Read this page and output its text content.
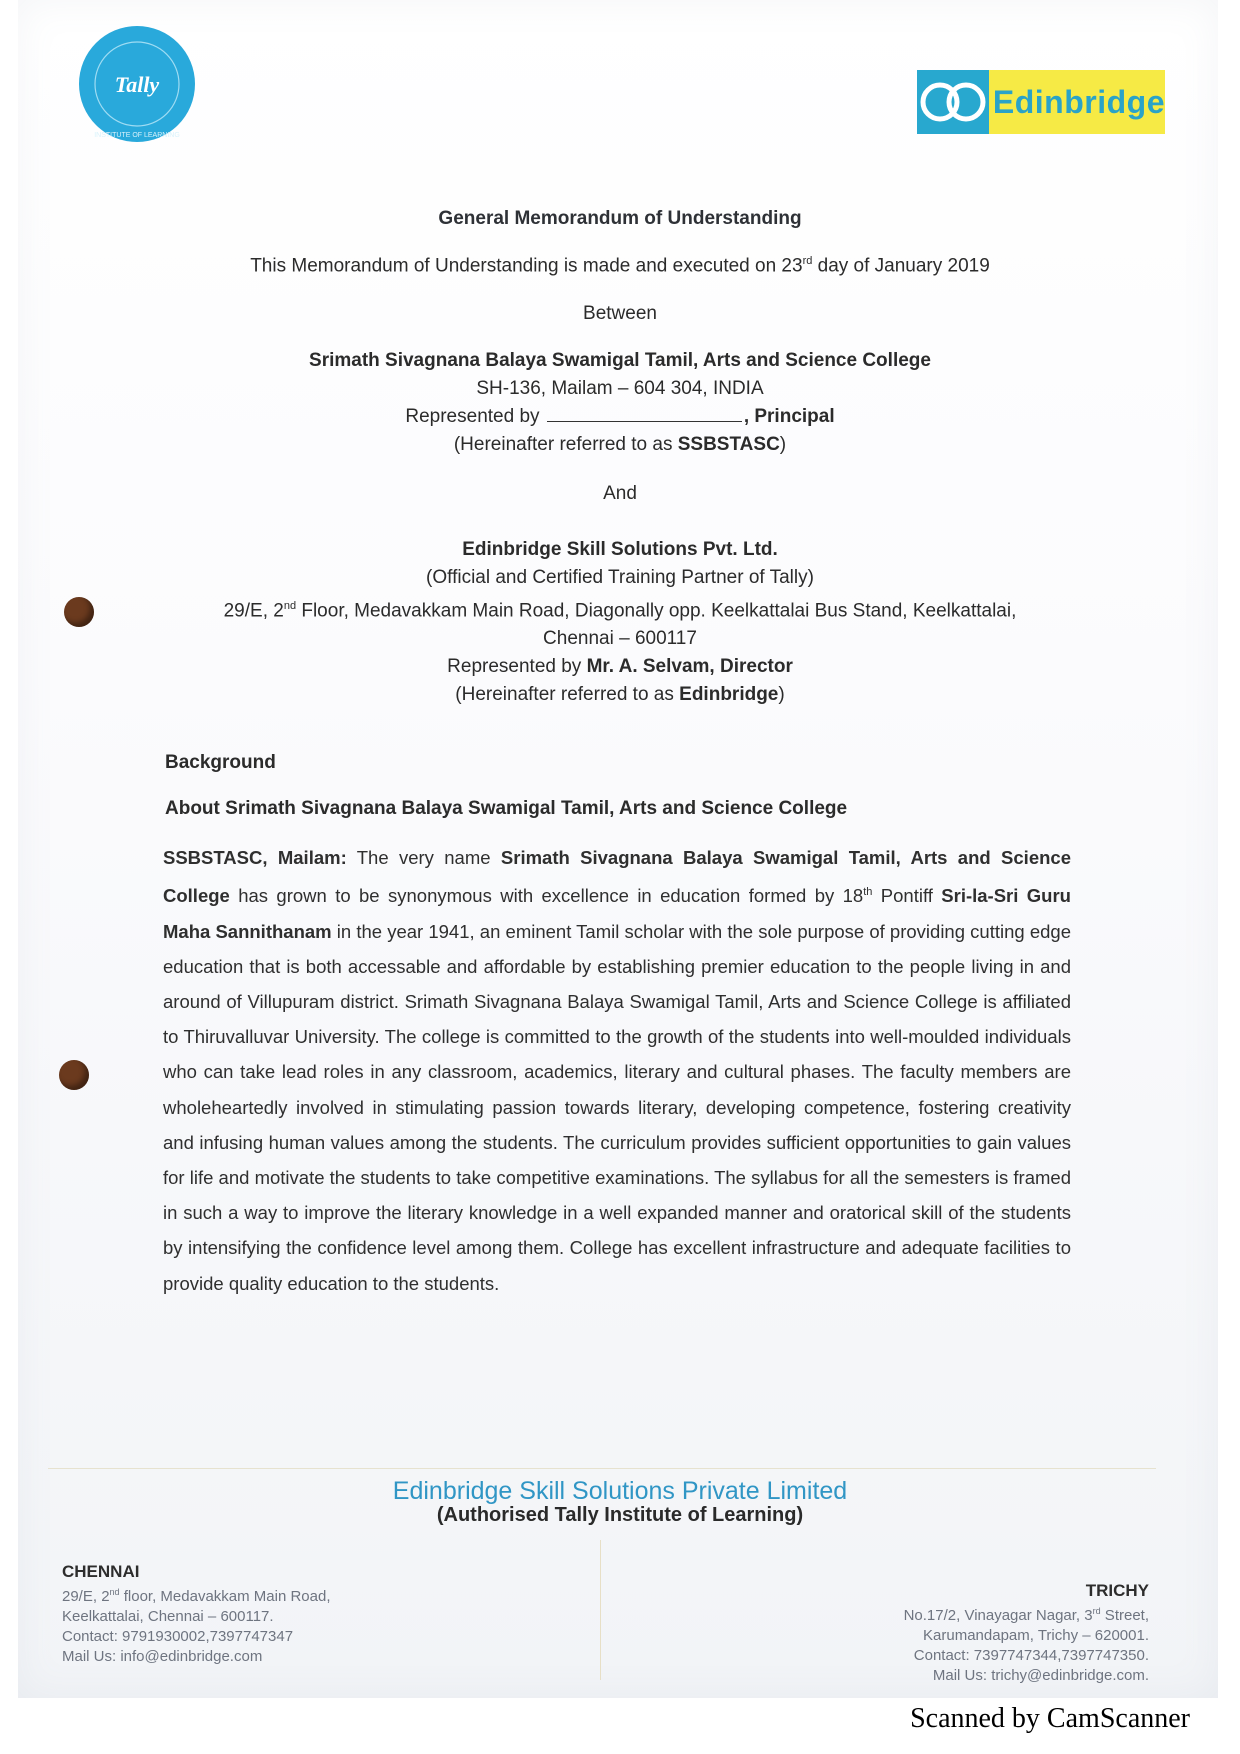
INSTITUTE OF LEARNING
Tally	Edinbridge
General Memorandum of Understanding
This Memorandum of Understanding is made and executed on 23rd day of January 2019
Between

Srimath Sivagnana Balaya Swamigal Tamil, Arts and Science College

SH-136, Mailam – 604 304, INDIA

Represented by	, Principal

(Hereinafter referred to as SSBSTASC)

And

Edinbridge Skill Solutions Pvt. Ltd.

(Official and Certified Training Partner of Tally)

29/E, 2nd Floor, Medavakkam Main Road, Diagonally opp. Keelkattalai Bus Stand, Keelkattalai,

Chennai – 600117

Represented by Mr. A. Selvam, Director

(Hereinafter referred to as Edinbridge)

Background
About Srimath Sivagnana Balaya Swamigal Tamil, Arts and Science College
SSBSTASC, Mailam: The very name Srimath Sivagnana Balaya Swamigal Tamil, Arts and Science College has grown to be synonymous with excellence in education formed by 18th Pontiff Sri-la-Sri Guru Maha Sannithanam in the year 1941, an eminent Tamil scholar with the sole purpose of providing cutting edge education that is both accessable and affordable by establishing premier education to the people living in and around of Villupuram district. Srimath Sivagnana Balaya Swamigal Tamil, Arts and Science College is affiliated to Thiruvalluvar University. The college is committed to the growth of the students into well-moulded individuals who can take lead roles in any classroom, academics, literary and cultural phases. The faculty members are wholeheartedly involved in stimulating passion towards literary, developing competence, fostering creativity and infusing human values among the students. The curriculum provides sufficient opportunities to gain values for life and motivate the students to take competitive examinations. The syllabus for all the semesters is framed in such a way to improve the literary knowledge in a well expanded manner and oratorical skill of the students by intensifying the confidence level among them. College has excellent infrastructure and adequate facilities to provide quality education to the students.
Edinbridge Skill Solutions Private Limited
(Authorised Tally Institute of Learning)
CHENNAI
29/E, 2nd floor, Medavakkam Main Road,
Keelkattalai, Chennai – 600117.
Contact: 9791930002,7397747347
Mail Us: info@edinbridge.com
TRICHY
No.17/2, Vinayagar Nagar, 3rd Street,
Karumandapam, Trichy – 620001.
Contact: 7397747344,7397747350.
Mail Us: trichy@edinbridge.com.
Scanned by CamScanner
